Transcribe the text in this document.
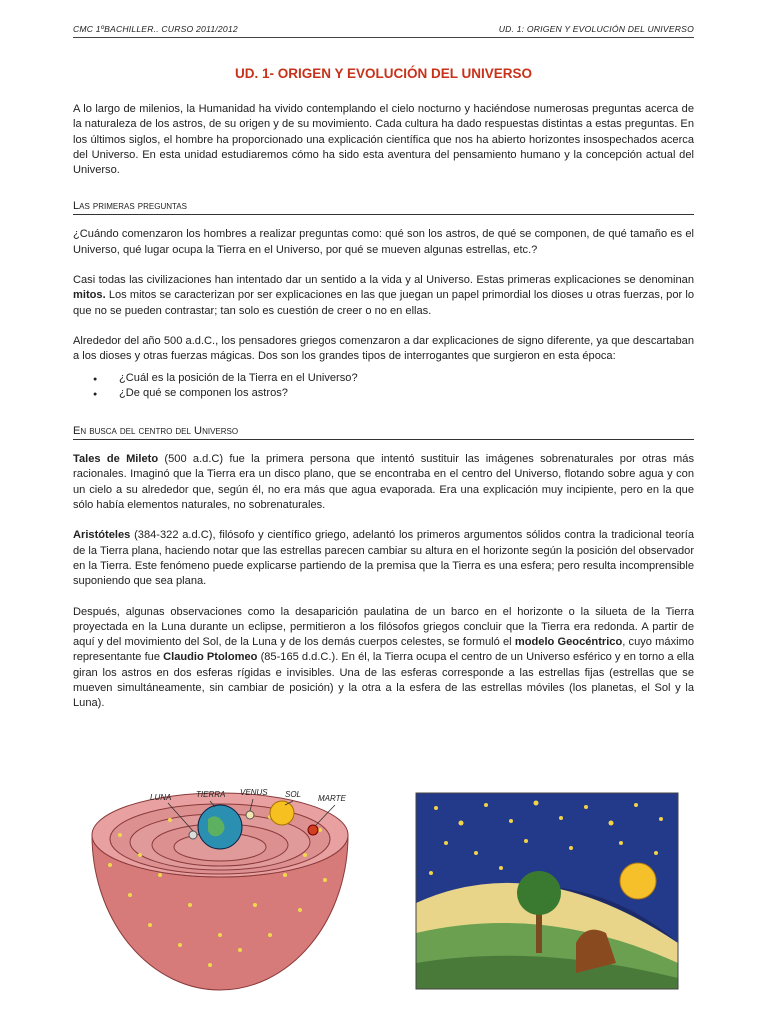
CMC 1ºBACHILLER.. CURSO 2011/2012	UD. 1: ORIGEN Y EVOLUCIÓN DEL UNIVERSO
UD. 1- ORIGEN Y EVOLUCIÓN DEL UNIVERSO

A lo largo de milenios, la Humanidad ha vivido contemplando el cielo nocturno y haciéndose numerosas preguntas acerca de la naturaleza de los astros, de su origen y de su movimiento. Cada cultura ha dado respuestas distintas a estas preguntas. En los últimos siglos, el hombre ha proporcionado una explicación científica que nos ha abierto horizontes insospechados acerca del Universo. En esta unidad estudiaremos cómo ha sido esta aventura del pensamiento humano y la concepción actual del Universo.

Las primeras preguntas

¿Cuándo comenzaron los hombres a realizar preguntas como: qué son los astros, de qué se componen, de qué tamaño es el Universo, qué lugar ocupa la Tierra en el Universo, por qué se mueven algunas estrellas, etc.?

Casi todas las civilizaciones han intentado dar un sentido a la vida y al Universo. Estas primeras explicaciones se denominan mitos. Los mitos se caracterizan por ser explicaciones en las que juegan un papel primordial los dioses u otras fuerzas, por lo que no se pueden contrastar; tan solo es cuestión de creer o no en ellas.

Alrededor del año 500 a.d.C., los pensadores griegos comenzaron a dar explicaciones de signo diferente, ya que descartaban a los dioses y otras fuerzas mágicas. Dos son los grandes tipos de interrogantes que surgieron en esta época:

● ¿Cuál es la posición de la Tierra en el Universo?
● ¿De qué se componen los astros?
En busca del centro del Universo

Tales de Mileto (500 a.d.C) fue la primera persona que intentó sustituir las imágenes sobrenaturales por otras más racionales. Imaginó que la Tierra era un disco plano, que se encontraba en el centro del Universo, flotando sobre agua y con un cielo a su alrededor que, según él, no era más que agua evaporada. Era una explicación muy incipiente, pero en la que sólo había elementos naturales, no sobrenaturales.

Aristóteles (384-322 a.d.C), filósofo y científico griego, adelantó los primeros argumentos sólidos contra la tradicional teoría de la Tierra plana, haciendo notar que las estrellas parecen cambiar su altura en el horizonte según la posición del observador en la Tierra. Este fenómeno puede explicarse partiendo de la premisa que la Tierra es una esfera; pero resulta incomprensible suponiendo que sea plana.

Después, algunas observaciones como la desaparición paulatina de un barco en el horizonte o la silueta de la Tierra proyectada en la Luna durante un eclipse, permitieron a los filósofos griegos concluir que la Tierra era redonda. A partir de aquí y del movimiento del Sol, de la Luna y de los demás cuerpos celestes, se formuló el modelo Geocéntrico, cuyo máximo representante fue Claudio Ptolomeo (85-165 d.d.C.). En él, la Tierra ocupa el centro de un Universo esférico y en torno a ella giran los astros en dos esferas rígidas e invisibles. Una de las esferas corresponde a las estrellas fijas (estrellas que se mueven simultáneamente, sin cambiar de posición) y la otra a la esfera de las estrellas móviles (los planetas, el Sol y la Luna).

LUNA	TIERRA VENUS SOL MARTE
